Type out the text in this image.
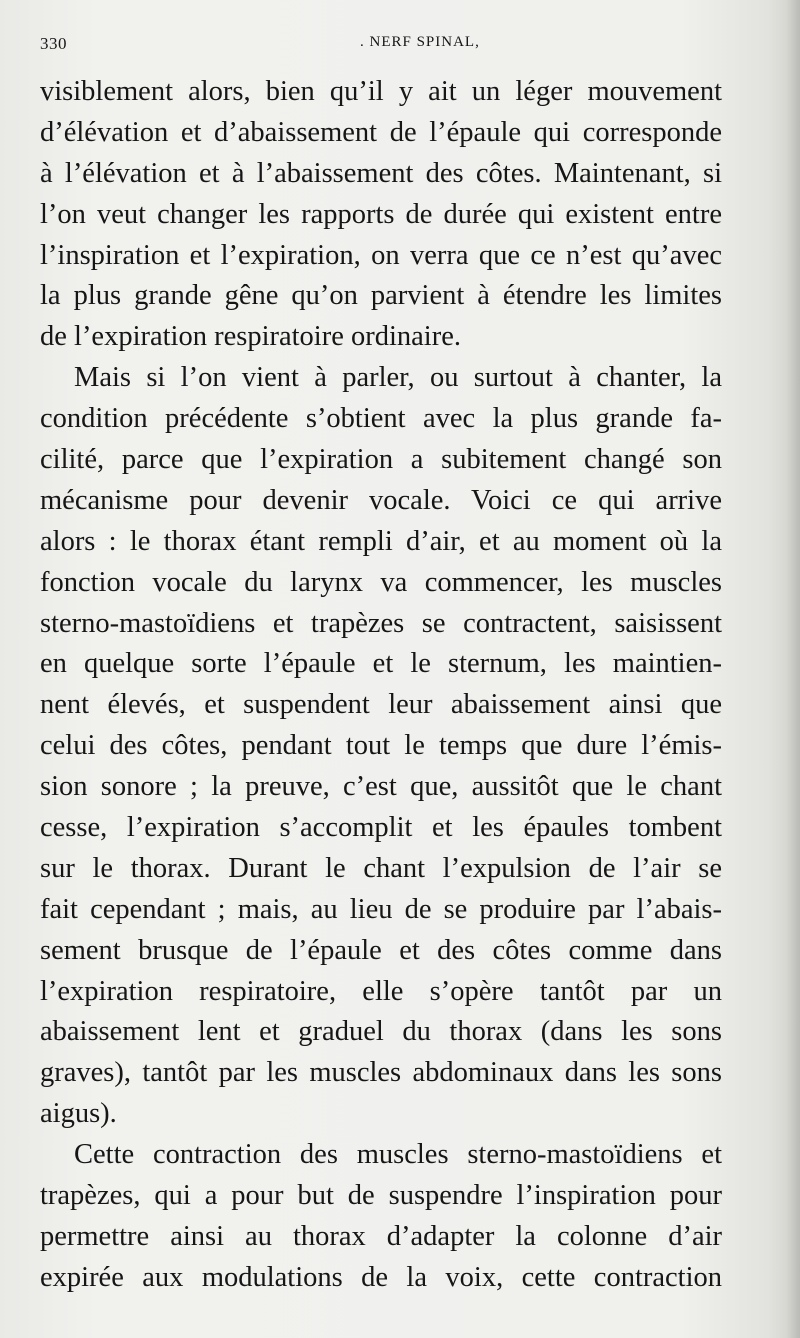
330	. NERF SPINAL,
visiblement alors, bien qu’il y ait un léger mouvement
d’élévation et d’abaissement de l’épaule qui corresponde
à l’élévation et à l’abaissement des côtes. Maintenant, si
l’on veut changer les rapports de durée qui existent entre
l’inspiration et l’expiration, on verra que ce n’est qu’avec
la plus grande gêne qu’on parvient à étendre les limites
de l’expiration respiratoire ordinaire.
Mais si l’on vient à parler, ou surtout à chanter, la
condition précédente s’obtient avec la plus grande fa-
cilité, parce que l’expiration a subitement changé son
mécanisme pour devenir vocale. Voici ce qui arrive
alors : le thorax étant rempli d’air, et au moment où la
fonction vocale du larynx va commencer, les muscles
sterno-mastoïdiens et trapèzes se contractent, saisissent
en quelque sorte l’épaule et le sternum, les maintien-
nent élevés, et suspendent leur abaissement ainsi que
celui des côtes, pendant tout le temps que dure l’émis-
sion sonore ; la preuve, c’est que, aussitôt que le chant
cesse, l’expiration s’accomplit et les épaules tombent
sur le thorax. Durant le chant l’expulsion de l’air se
fait cependant ; mais, au lieu de se produire par l’abais-
sement brusque de l’épaule et des côtes comme dans
l’expiration respiratoire, elle s’opère tantôt par un
abaissement lent et graduel du thorax (dans les sons
graves), tantôt par les muscles abdominaux dans les sons
aigus).
Cette contraction des muscles sterno-mastoïdiens et
trapèzes, qui a pour but de suspendre l’inspiration pour
permettre ainsi au thorax d’adapter la colonne d’air
expirée aux modulations de la voix, cette contraction
